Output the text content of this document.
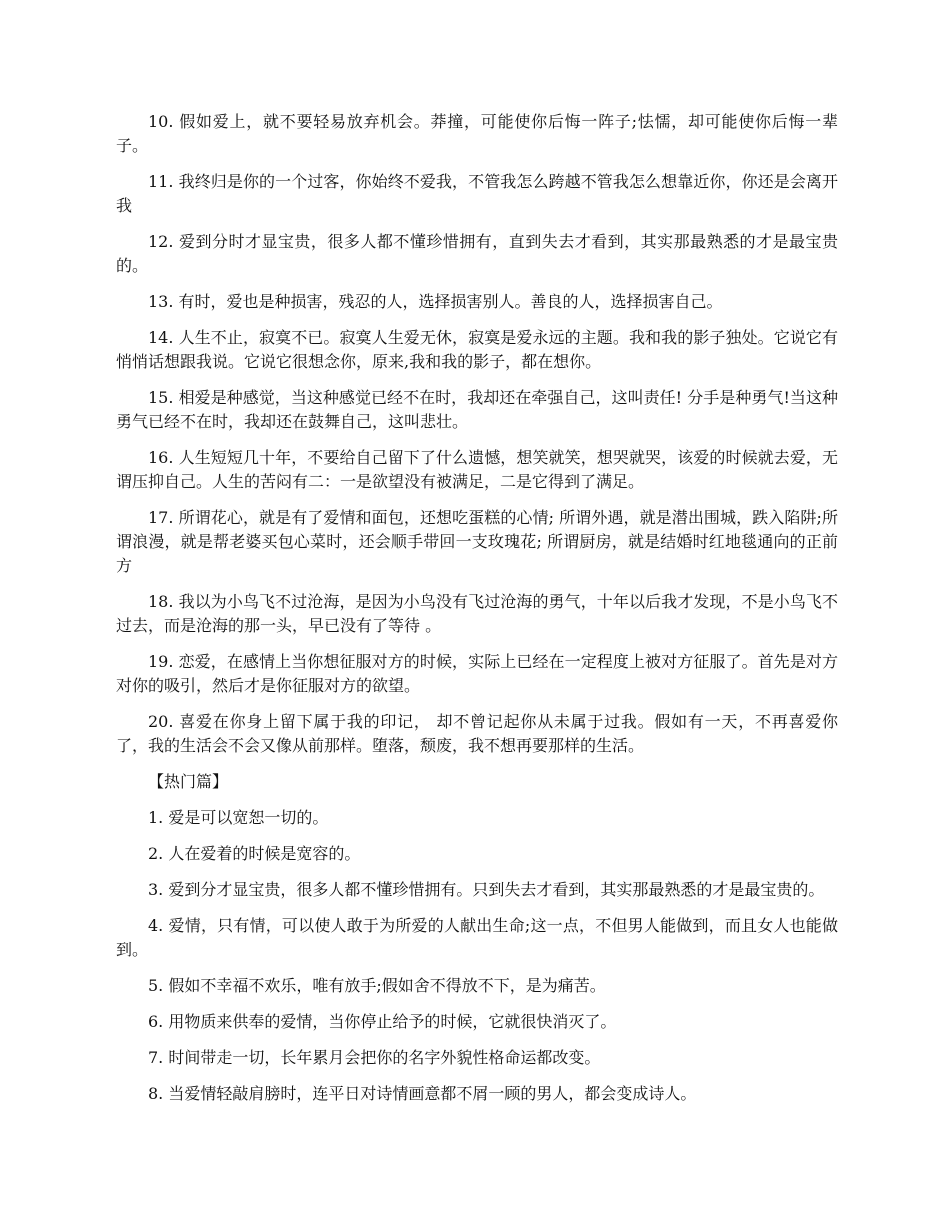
10. 假如爱上，就不要轻易放弃机会。莽撞，可能使你后悔一阵子;怯懦，却可能使你后悔一辈子。

11. 我终归是你的一个过客，你始终不爱我，不管我怎么跨越不管我怎么想靠近你，你还是会离开我

12. 爱到分时才显宝贵，很多人都不懂珍惜拥有，直到失去才看到，其实那最熟悉的才是最宝贵的。

13. 有时，爱也是种损害，残忍的人，选择损害别人。善良的人，选择损害自己。

14. 人生不止，寂寞不已。寂寞人生爱无休，寂寞是爱永远的主题。我和我的影子独处。它说它有悄悄话想跟我说。它说它很想念你，原来,我和我的影子，都在想你。

15. 相爱是种感觉，当这种感觉已经不在时，我却还在牵强自己，这叫责任! 分手是种勇气!当这种勇气已经不在时，我却还在鼓舞自己，这叫悲壮。

16. 人生短短几十年，不要给自己留下了什么遗憾，想笑就笑，想哭就哭，该爱的时候就去爱，无谓压抑自己。人生的苦闷有二：一是欲望没有被满足，二是它得到了满足。

17. 所谓花心，就是有了爱情和面包，还想吃蛋糕的心情; 所谓外遇，就是潜出围城，跌入陷阱;所谓浪漫，就是帮老婆买包心菜时，还会顺手带回一支玫瑰花; 所谓厨房，就是结婚时红地毯通向的正前方

18. 我以为小鸟飞不过沧海，是因为小鸟没有飞过沧海的勇气，十年以后我才发现，不是小鸟飞不过去，而是沧海的那一头，早已没有了等待 。

19. 恋爱，在感情上当你想征服对方的时候，实际上已经在一定程度上被对方征服了。首先是对方对你的吸引，然后才是你征服对方的欲望。

20. 喜爱在你身上留下属于我的印记， 却不曾记起你从未属于过我。假如有一天，不再喜爱你了，我的生活会不会又像从前那样。堕落，颓废，我不想再要那样的生活。

【热门篇】

1. 爱是可以宽恕一切的。

2. 人在爱着的时候是宽容的。

3. 爱到分才显宝贵，很多人都不懂珍惜拥有。只到失去才看到，其实那最熟悉的才是最宝贵的。

4. 爱情，只有情，可以使人敢于为所爱的人献出生命;这一点，不但男人能做到，而且女人也能做到。

5. 假如不幸福不欢乐，唯有放手;假如舍不得放不下，是为痛苦。

6. 用物质来供奉的爱情，当你停止给予的时候，它就很快消灭了。

7. 时间带走一切，长年累月会把你的名字外貌性格命运都改变。

8. 当爱情轻敲肩膀时，连平日对诗情画意都不屑一顾的男人，都会变成诗人。
